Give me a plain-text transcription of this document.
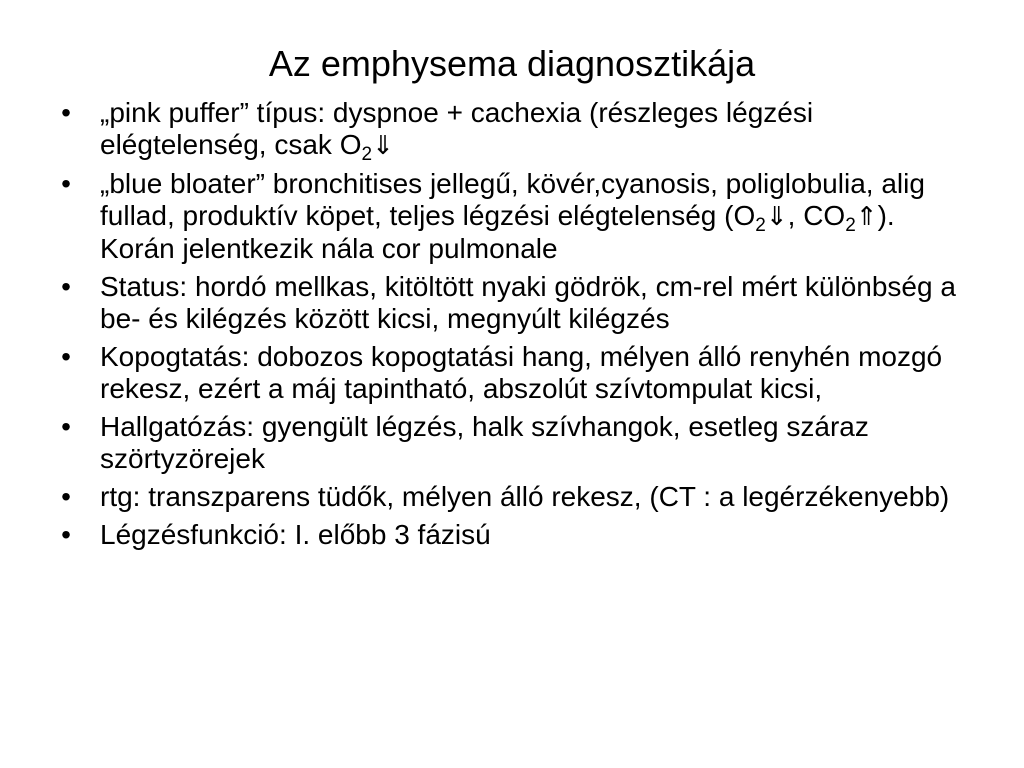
Az emphysema diagnosztikája
• „pink puffer” típus: dyspnoe + cachexia (részleges légzési elégtelenség, csak $O_2⇓$
• „blue bloater” bronchitises jellegű, kövér,cyanosis, poliglobulia, alig fullad, produktív köpet, teljes légzési elégtelenség ($O_2⇓$, $CO_2⇑$). Korán jelentkezik nála cor pulmonale
• Status: hordó mellkas, kitöltött nyaki gödrök, cm-rel mért különbség a be- és kilégzés között kicsi, megnyúlt kilégzés
• Kopogtatás: dobozos kopogtatási hang, mélyen álló renyhén mozgó rekesz, ezért a máj tapintható, abszolút szívtompulat kicsi,
• Hallgatózás: gyengült légzés, halk szívhangok, esetleg száraz szörtyzörejek
• rtg: transzparens tüdők, mélyen álló rekesz, (CT : a legérzékenyebb)
• Légzésfunkció: I. előbb 3 fázisú
